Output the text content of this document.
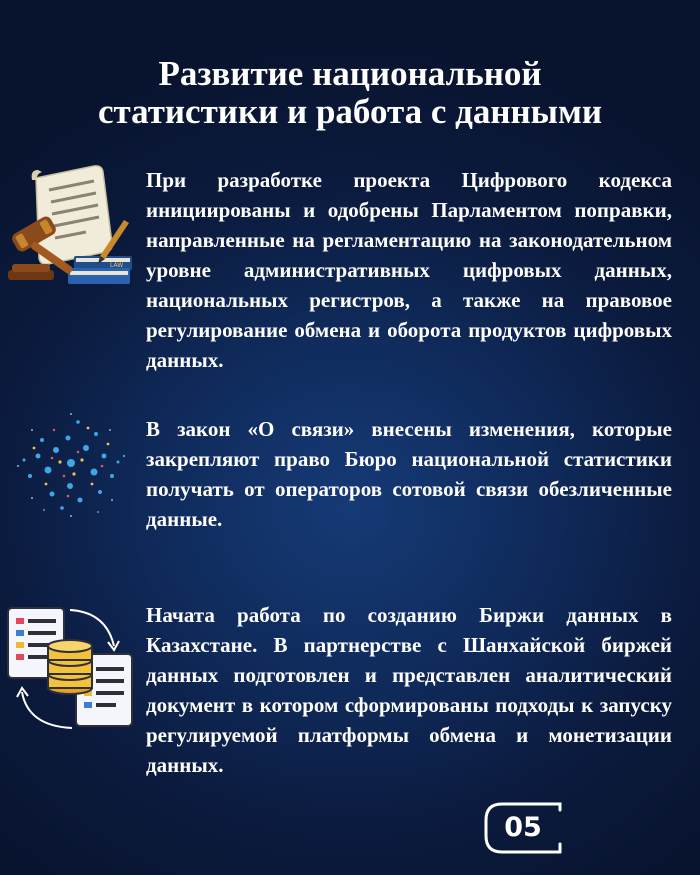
Развитие национальной
статистики и работа с данными
LAW

При разработке проекта Цифрового кодекса инициированы и одобрены Парламентом поправки, направленные на регламентацию на законодательном уровне административных цифровых данных, национальных регистров, а также на правовое регулирование обмена и оборота продуктов цифровых данных.

В закон «О связи» внесены изменения, которые закрепляют право Бюро национальной статистики получать от операторов сотовой связи обезличенные данные.

Начата работа по созданию Биржи данных в Казахстане. В партнерстве с Шанхайской биржей данных подготовлен и представлен аналитический документ в котором сформированы подходы к запуску регулируемой платформы обмена и монетизации данных.

05
